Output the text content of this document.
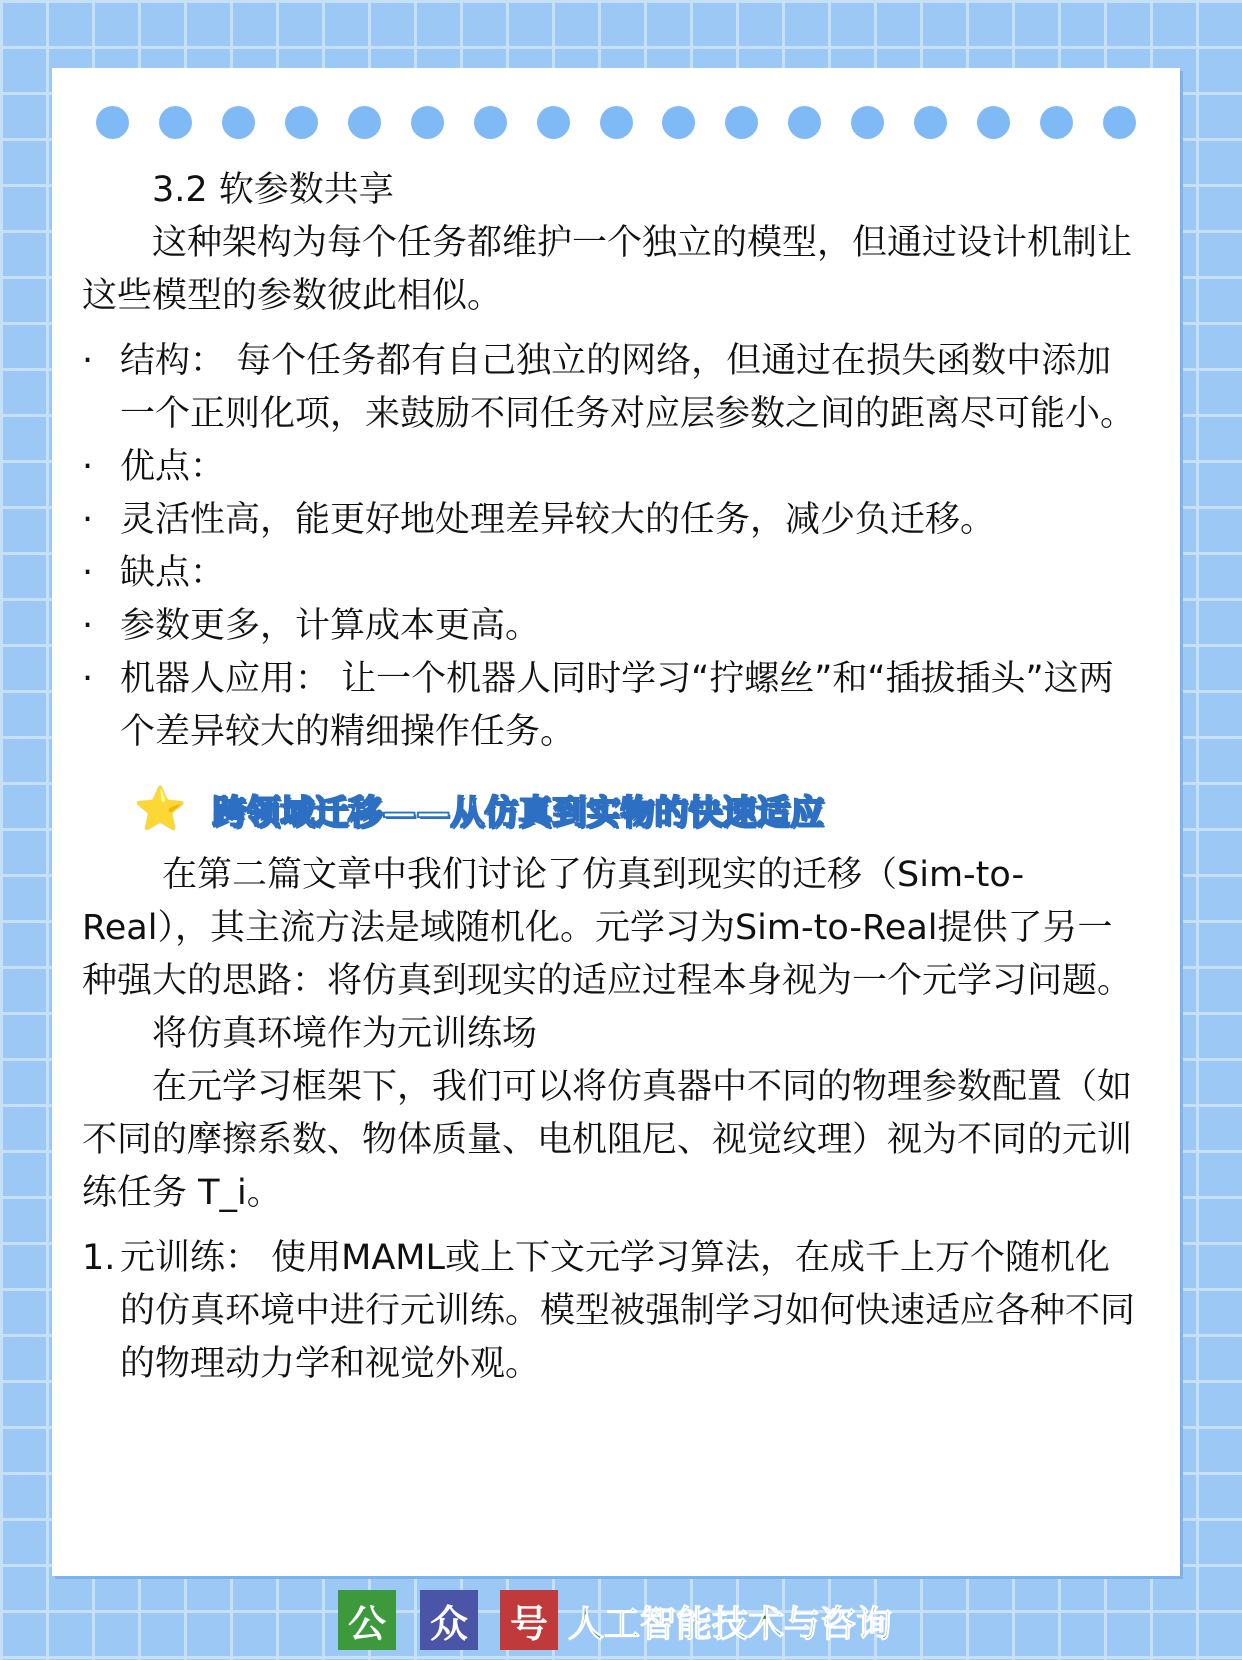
3.2 软参数共享

这种架构为每个任务都维护一个独立的模型，但通过设计机制让这些模型的参数彼此相似。

· 结构： 每个任务都有自己独立的网络，但通过在损失函数中添加一个正则化项，来鼓励不同任务对应层参数之间的距离尽可能小。
· 优点：
· 灵活性高，能更好地处理差异较大的任务，减少负迁移。
· 缺点：
· 参数更多，计算成本更高。
· 机器人应用： 让一个机器人同时学习“拧螺丝”和“插拔插头”这两个差异较大的精细操作任务。
⭐ 跨领域迁移——从仿真到实物的快速适应

在第二篇文章中我们讨论了仿真到现实的迁移（Sim-to-Real），其主流方法是域随机化。元学习为Sim-to-Real提供了另一种强大的思路：将仿真到现实的适应过程本身视为一个元学习问题。

将仿真环境作为元训练场

在元学习框架下，我们可以将仿真器中不同的物理参数配置（如不同的摩擦系数、物体质量、电机阻尼、视觉纹理）视为不同的元训练任务 T_i。

1. 元训练： 使用MAML或上下文元学习算法，在成千上万个随机化的仿真环境中进行元训练。模型被强制学习如何快速适应各种不同的物理动力学和视觉外观。
公 众 号 人工智能技术与咨询
